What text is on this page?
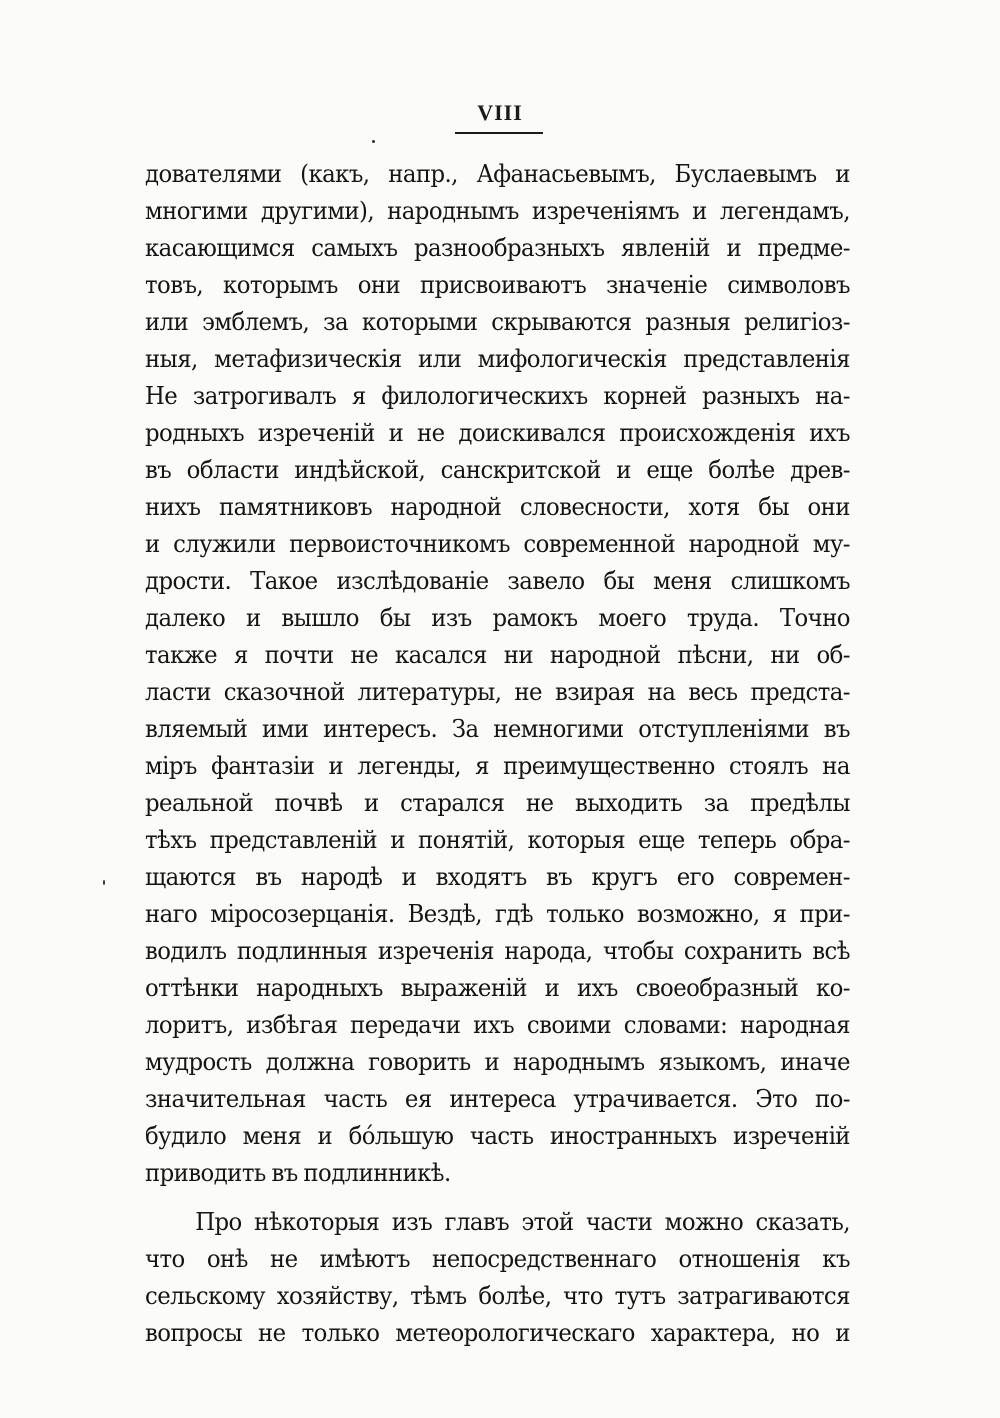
VIII
дователями (какъ, напр., Афанасьевымъ, Буслаевымъ и
многими другими), народнымъ изреченіямъ и легендамъ,
касающимся самыхъ разнообразныхъ явленій и предме-
товъ, которымъ они присвоиваютъ значеніе символовъ
или эмблемъ, за которыми скрываются разныя религіоз-
ныя, метафизическія или мифологическія представленія
Не затрогивалъ я филологическихъ корней разныхъ на-
родныхъ изреченій и не доискивался происхожденія ихъ
въ области индѣйской, санскритской и еще болѣе древ-
нихъ памятниковъ народной словесности, хотя бы они
и служили первоисточникомъ современной народной му-
дрости. Такое изслѣдованіе завело бы меня слишкомъ
далеко и вышло бы изъ рамокъ моего труда. Точно
также я почти не касался ни народной пѣсни, ни об-
ласти сказочной литературы, не взирая на весь предста-
вляемый ими интересъ. За немногими отступленіями въ
міръ фантазіи и легенды, я преимущественно стоялъ на
реальной почвѣ и старался не выходить за предѣлы
тѣхъ представленій и понятій, которыя еще теперь обра-
щаются въ народѣ и входятъ въ кругъ его современ-
наго міросозерцанія. Вездѣ, гдѣ только возможно, я при-
водилъ подлинныя изреченія народа, чтобы сохранить всѣ
оттѣнки народныхъ выраженій и ихъ своеобразный ко-
лоритъ, избѣгая передачи ихъ своими словами: народная
мудрость должна говорить и народнымъ языкомъ, иначе
значительная часть ея интереса утрачивается. Это по-
будило меня и бо́льшую часть иностранныхъ изреченій
приводить въ подлинникѣ.
Про нѣкоторыя изъ главъ этой части можно сказать,
что онѣ не имѣютъ непосредственнаго отношенія къ
сельскому хозяйству, тѣмъ болѣе, что тутъ затрагиваются
вопросы не только метеорологическаго характера, но и
